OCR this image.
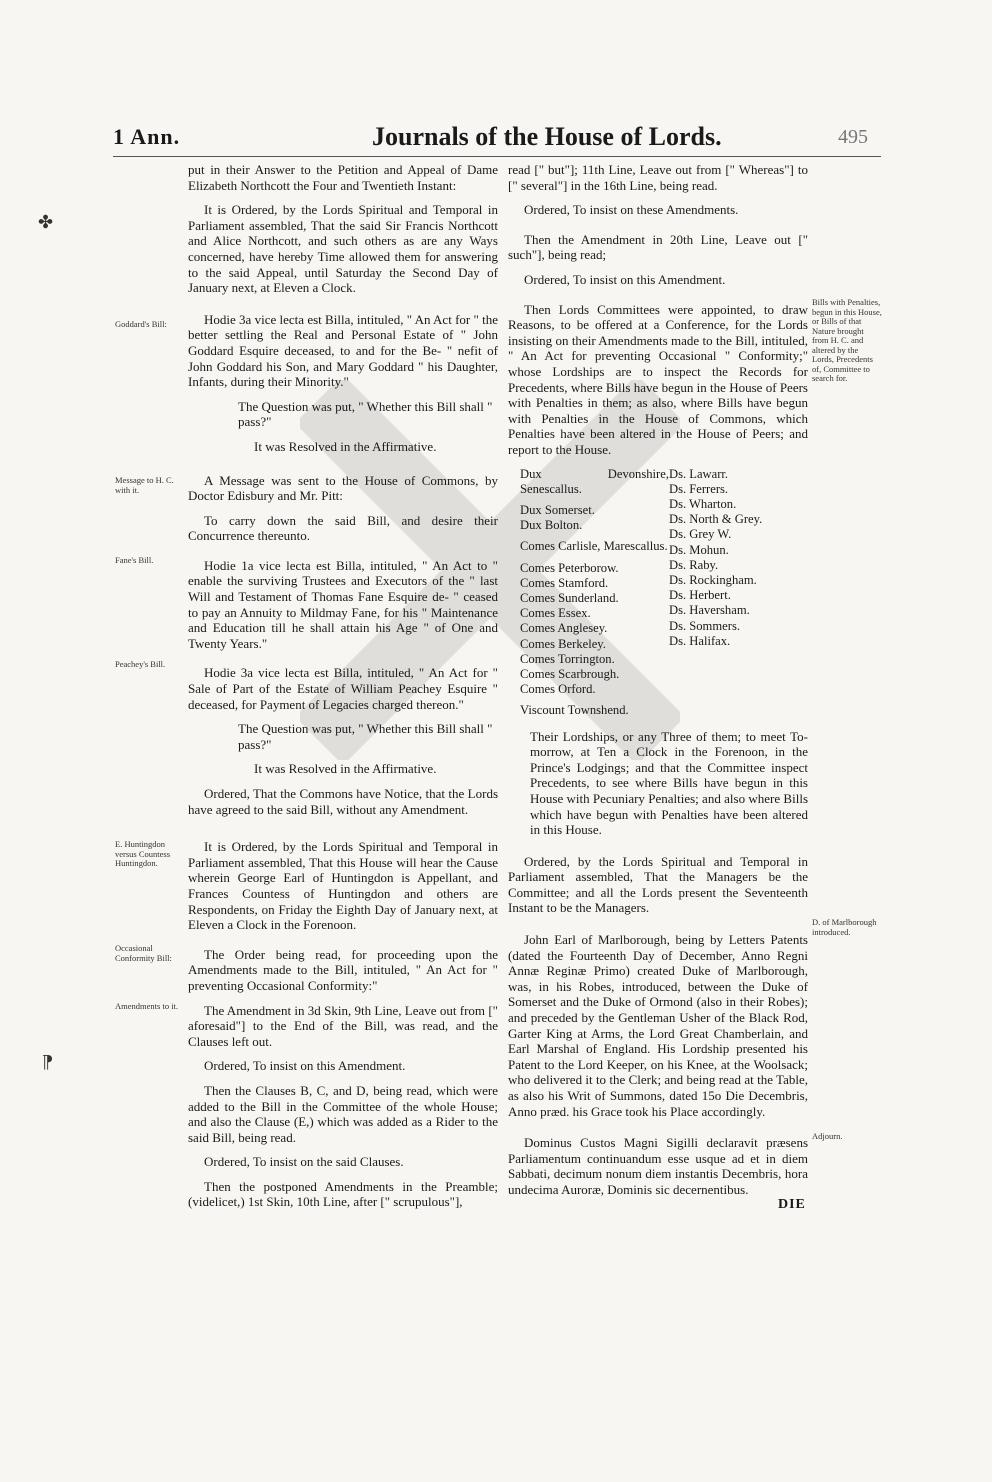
1 Ann.	Journals of the House of Lords.	495
✤
⁋
Goddard's Bill:
Message to H. C. with it.
Fane's Bill.
Peachey's Bill.
E. Huntingdon versus Countess Huntingdon.
Occasional Conformity Bill:
Amendments to it.
Bills with Penalties, begun in this House, or Bills of that Nature brought from H. C. and altered by the Lords, Precedents of, Committee to search for.
D. of Marlborough introduced.
Adjourn.

put in their Answer to the Petition and Appeal of Dame Elizabeth Northcott the Four and Twentieth Instant:

It is Ordered, by the Lords Spiritual and Temporal in Parliament assembled, That the said Sir Francis Northcott and Alice Northcott, and such others as are any Ways concerned, have hereby Time allowed them for answering to the said Appeal, until Saturday the Second Day of January next, at Eleven a Clock.

Hodie 3a vice lecta est Billa, intituled, " An Act for " the better settling the Real and Personal Estate of " John Goddard Esquire deceased, to and for the Be- " nefit of John Goddard his Son, and Mary Goddard " his Daughter, Infants, during their Minority."

The Question was put, " Whether this Bill shall " pass?"

It was Resolved in the Affirmative.

A Message was sent to the House of Commons, by Doctor Edisbury and Mr. Pitt:

To carry down the said Bill, and desire their Concurrence thereunto.

Hodie 1a vice lecta est Billa, intituled, " An Act to " enable the surviving Trustees and Executors of the " last Will and Testament of Thomas Fane Esquire de- " ceased to pay an Annuity to Mildmay Fane, for his " Maintenance and Education till he shall attain his Age " of One and Twenty Years."

Hodie 3a vice lecta est Billa, intituled, " An Act for " Sale of Part of the Estate of William Peachey Esquire " deceased, for Payment of Legacies charged thereon."

The Question was put, " Whether this Bill shall " pass?"

It was Resolved in the Affirmative.

Ordered, That the Commons have Notice, that the Lords have agreed to the said Bill, without any Amendment.

It is Ordered, by the Lords Spiritual and Temporal in Parliament assembled, That this House will hear the Cause wherein George Earl of Huntingdon is Appellant, and Frances Countess of Huntingdon and others are Respondents, on Friday the Eighth Day of January next, at Eleven a Clock in the Forenoon.

The Order being read, for proceeding upon the Amendments made to the Bill, intituled, " An Act for " preventing Occasional Conformity:"

The Amendment in 3d Skin, 9th Line, Leave out from [" aforesaid"] to the End of the Bill, was read, and the Clauses left out.

Ordered, To insist on this Amendment.

Then the Clauses B, C, and D, being read, which were added to the Bill in the Committee of the whole House; and also the Clause (E,) which was added as a Rider to the said Bill, being read.

Ordered, To insist on the said Clauses.

Then the postponed Amendments in the Preamble; (videlicet,) 1st Skin, 10th Line, after [" scrupulous"],

read [" but"]; 11th Line, Leave out from [" Whereas"] to [" several"] in the 16th Line, being read.

Ordered, To insist on these Amendments.

Then the Amendment in 20th Line, Leave out [" such"], being read;

Ordered, To insist on this Amendment.

Then Lords Committees were appointed, to draw Reasons, to be offered at a Conference, for the Lords insisting on their Amendments made to the Bill, intituled, " An Act for preventing Occasional " Conformity;" whose Lordships are to inspect the Records for Precedents, where Bills have begun in the House of Peers with Penalties in them; as also, where Bills have begun with Penalties in the House of Commons, which Penalties have been altered in the House of Peers; and report to the House.

Dux Devonshire, Senescallus.
Dux Somerset.
Dux Bolton.
Comes Carlisle, Marescallus.
Comes Peterborow.
Comes Stamford.
Comes Sunderland.
Comes Essex.
Comes Anglesey.
Comes Berkeley.
Comes Torrington.
Comes Scarbrough.
Comes Orford.
Viscount Townshend.
Ds. Lawarr.
Ds. Ferrers.
Ds. Wharton.
Ds. North & Grey.
Ds. Grey W.
Ds. Mohun.
Ds. Raby.
Ds. Rockingham.
Ds. Herbert.
Ds. Haversham.
Ds. Sommers.
Ds. Halifax.

Their Lordships, or any Three of them; to meet To-morrow, at Ten a Clock in the Forenoon, in the Prince's Lodgings; and that the Committee inspect Precedents, to see where Bills have begun in this House with Pecuniary Penalties; and also where Bills which have begun with Penalties have been altered in this House.

Ordered, by the Lords Spiritual and Temporal in Parliament assembled, That the Managers be the Committee; and all the Lords present the Seventeenth Instant to be the Managers.

John Earl of Marlborough, being by Letters Patents (dated the Fourteenth Day of December, Anno Regni Annæ Reginæ Primo) created Duke of Marlborough, was, in his Robes, introduced, between the Duke of Somerset and the Duke of Ormond (also in their Robes); and preceded by the Gentleman Usher of the Black Rod, Garter King at Arms, the Lord Great Chamberlain, and Earl Marshal of England. His Lordship presented his Patent to the Lord Keeper, on his Knee, at the Woolsack; who delivered it to the Clerk; and being read at the Table, as also his Writ of Summons, dated 15o Die Decembris, Anno præd. his Grace took his Place accordingly.

Dominus Custos Magni Sigilli declaravit præsens Parliamentum continuandum esse usque ad et in diem Sabbati, decimum nonum diem instantis Decembris, hora undecima Auroræ, Dominis sic decernentibus.

DIE
